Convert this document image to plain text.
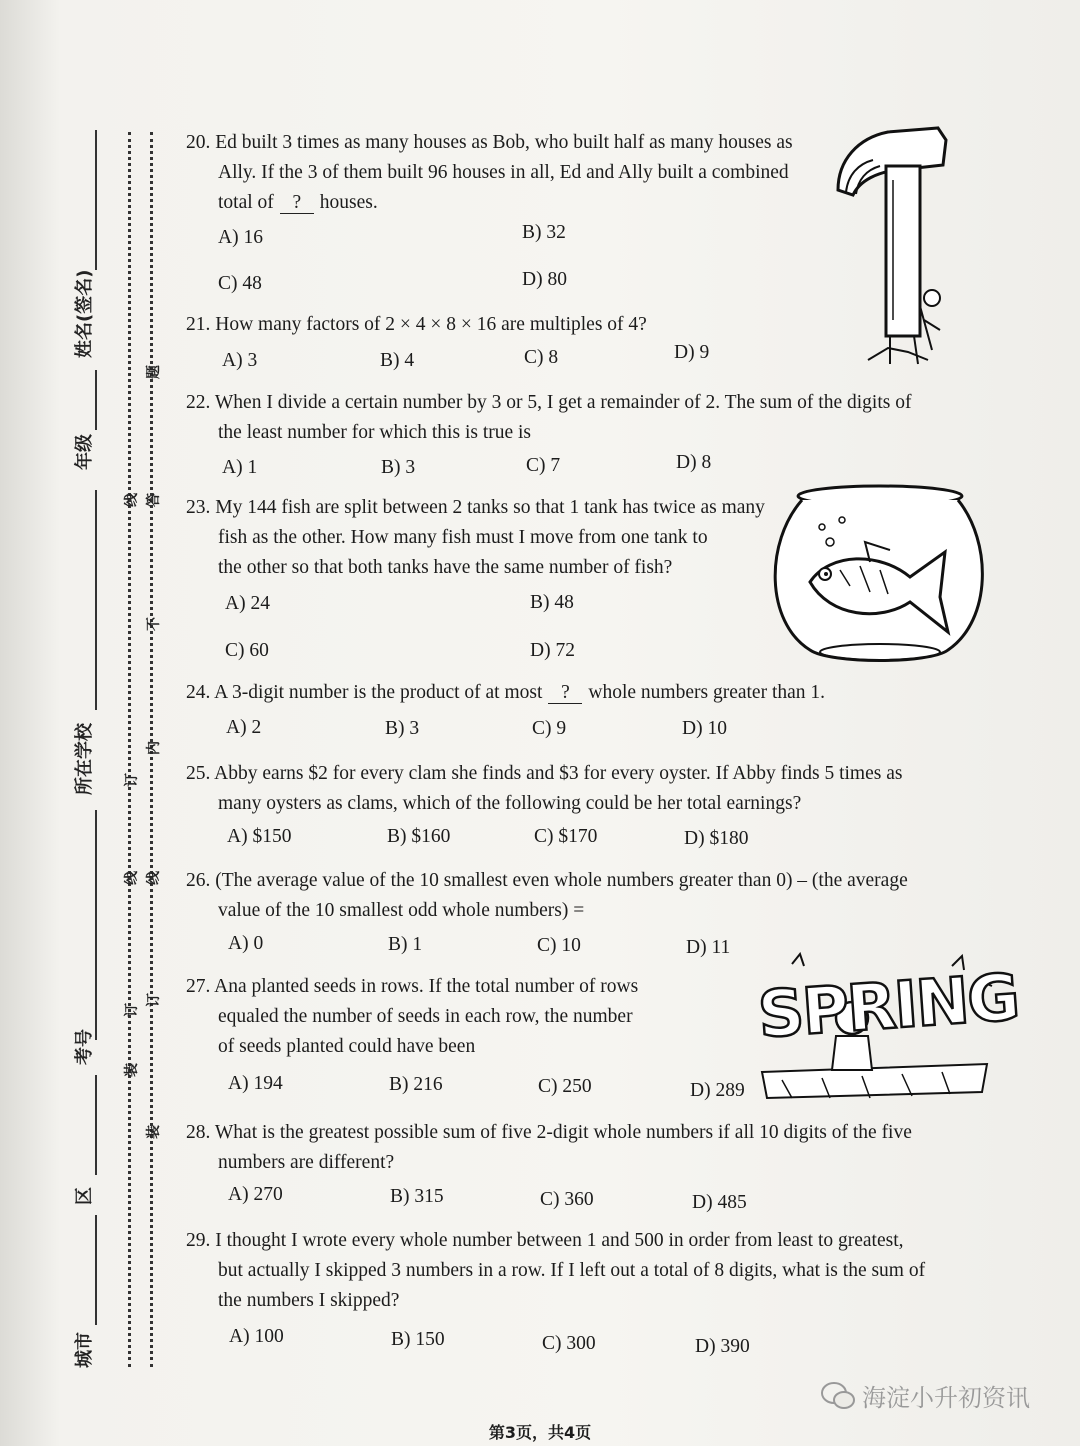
姓名(签名)
年级
所在学校
考号
区
城市
题
答
不
内
线
订
装
线
订
线
订
装
20. Ed built 3 times as many houses as Bob, who built half as many houses as
Ally. If the 3 of them built 96 houses in all, Ed and Ally built a combined
total of ? houses.
A) 16	B) 32
C) 48	D) 80
21. How many factors of 2 × 4 × 8 × 16 are multiples of 4?
A) 3	B) 4	C) 8	D) 9
22. When I divide a certain number by 3 or 5, I get a remainder of 2. The sum of the digits of
the least number for which this is true is
A) 1	B) 3	C) 7	D) 8
23. My 144 fish are split between 2 tanks so that 1 tank has twice as many
fish as the other. How many fish must I move from one tank to
the other so that both tanks have the same number of fish?
A) 24	B) 48
C) 60	D) 72
24. A 3-digit number is the product of at most ? whole numbers greater than 1.
A) 2	B) 3	C) 9	D) 10
25. Abby earns $2 for every clam she finds and $3 for every oyster. If Abby finds 5 times as
many oysters as clams, which of the following could be her total earnings?
A) $150	B) $160	C) $170	D) $180
26. (The average value of the 10 smallest even whole numbers greater than 0) – (the average
value of the 10 smallest odd whole numbers) =
A) 0	B) 1	C) 10	D) 11
27. Ana planted seeds in rows. If the total number of rows
equaled the number of seeds in each row, the number
of seeds planted could have been
A) 194	B) 216	C) 250	D) 289
SPRING
28. What is the greatest possible sum of five 2-digit whole numbers if all 10 digits of the five
numbers are different?
A) 270	B) 315	C) 360	D) 485
29. I thought I wrote every whole number between 1 and 500 in order from least to greatest,
but actually I skipped 3 numbers in a row. If I left out a total of 8 digits, what is the sum of
the numbers I skipped?
A) 100	B) 150	C) 300	D) 390
海淀小升初资讯
第3页，共4页
